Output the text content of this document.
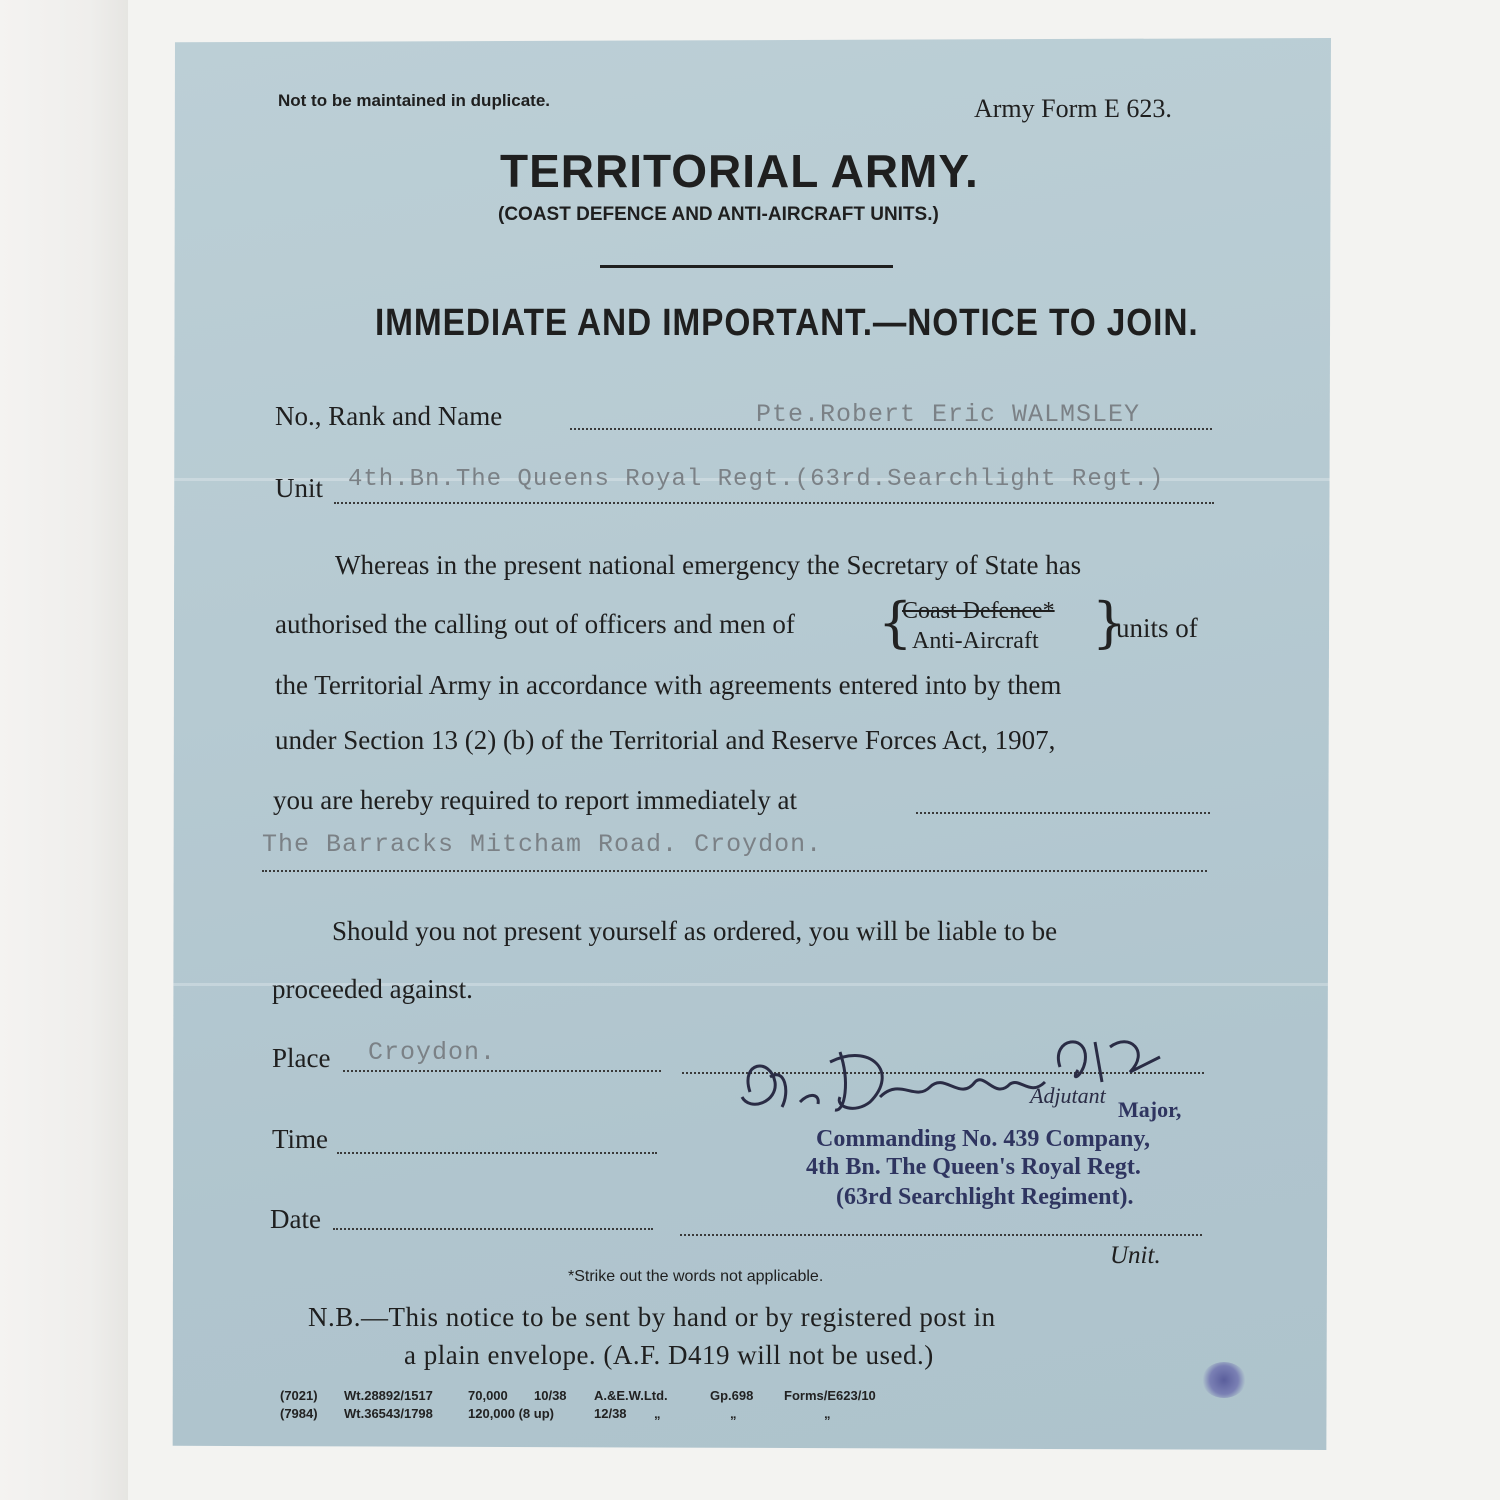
Not to be maintained in duplicate.	Army Form E 623.
TERRITORIAL ARMY.
(COAST DEFENCE AND ANTI-AIRCRAFT UNITS.)
IMMEDIATE AND IMPORTANT.—NOTICE TO JOIN.
No., Rank and Name	Pte.Robert Eric WALMSLEY
Unit 4th.Bn.The Queens Royal Regt.(63rd.Searchlight Regt.)
Whereas in the present national emergency the Secretary of State has
authorised the calling out of officers and men of {
Coast Defence*
Anti-Aircraft }
units of
the Territorial Army in accordance with agreements entered into by them
under Section 13 (2) (b) of the Territorial and Reserve Forces Act, 1907,
you are hereby required to report immediately at
The Barracks Mitcham Road. Croydon.
Should you not present yourself as ordered, you will be liable to be
proceeded against.
Place Croydon.
Time
Date
Adjutant
Major,
Commanding No. 439 Company,
4th Bn. The Queen's Royal Regt.
(63rd Searchlight Regiment).
Unit.
*Strike out the words not applicable.
N.B.—This notice to be sent by hand or by registered post in
a plain envelope. (A.F. D419 will not be used.)
(7021) Wt.28892/1517	70,000 10/38 A.&E.W.Ltd.	Gp.698 Forms/E623/10
(7984) Wt.36543/1798	120,000 (8 up)	12/38 „	„	„
